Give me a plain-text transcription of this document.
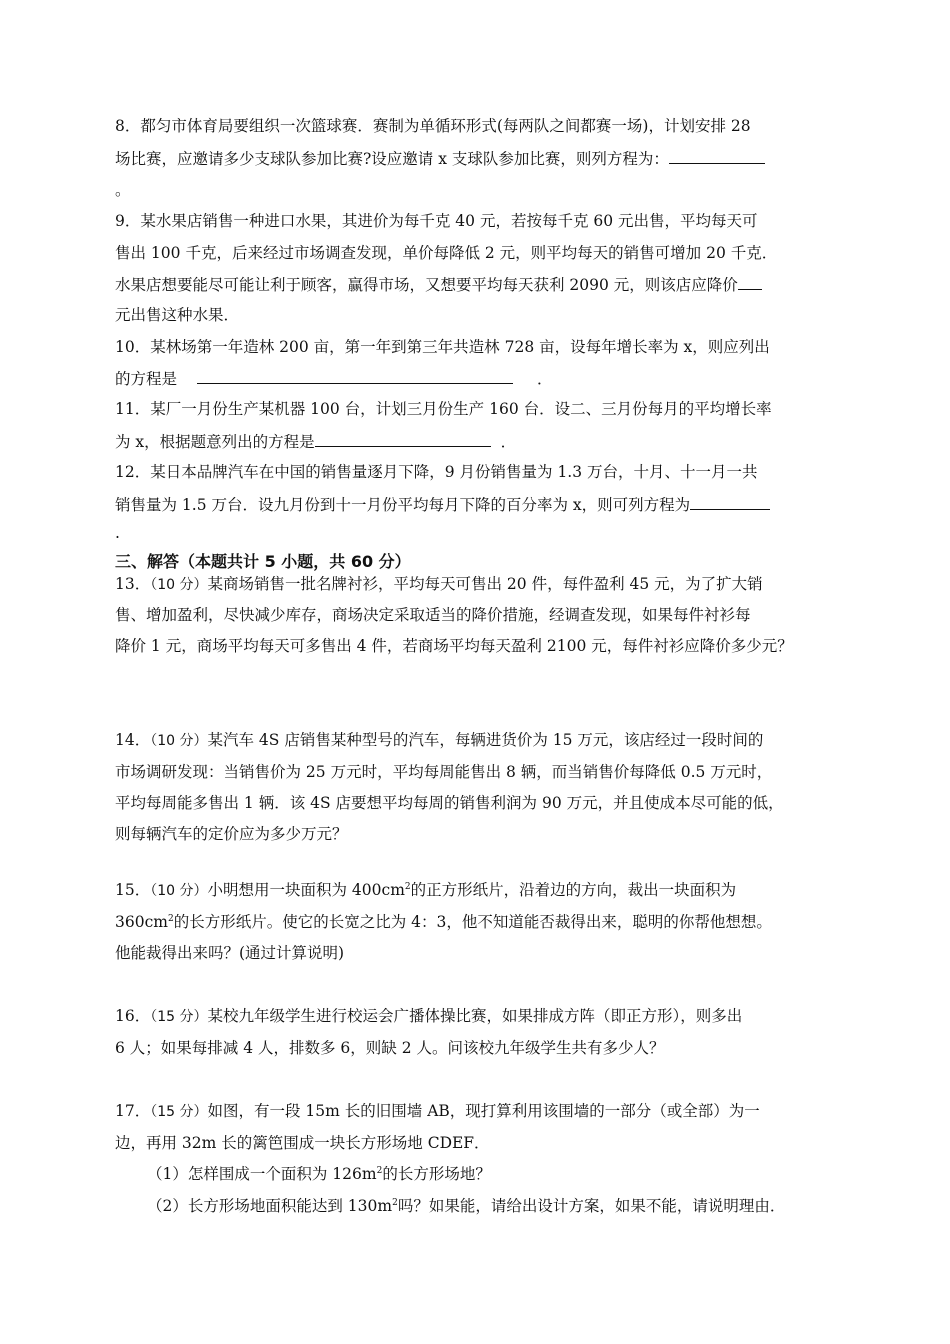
8．都匀市体育局要组织一次篮球赛．赛制为单循环形式(每两队之间都赛一场)，计划安排 28
场比赛，应邀请多少支球队参加比赛?设应邀请 x 支球队参加比赛，则列方程为：
。
9．某水果店销售一种进口水果，其进价为每千克 40 元，若按每千克 60 元出售，平均每天可
售出 100 千克，后来经过市场调查发现，单价每降低 2 元，则平均每天的销售可增加 20 千克．
水果店想要能尽可能让利于顾客，赢得市场，又想要平均每天获利 2090 元，则该店应降价
元出售这种水果．
10．某林场第一年造林 200 亩，第一年到第三年共造林 728 亩，设每年增长率为 x，则应列出
的方程是	．
11．某厂一月份生产某机器 100 台，计划三月份生产 160 台．设二、三月份每月的平均增长率
为 x，根据题意列出的方程是	．
12．某日本品牌汽车在中国的销售量逐月下降，9 月份销售量为 1.3 万台，十月、十一月一共
销售量为 1.5 万台．设九月份到十一月份平均每月下降的百分率为 x，则可列方程为
.
三、解答（本题共计 5 小题，共 60 分）
13．（10 分）某商场销售一批名牌衬衫，平均每天可售出 20 件，每件盈利 45 元，为了扩大销
售、增加盈利，尽快减少库存，商场决定采取适当的降价措施，经调查发现，如果每件衬衫每
降价 1 元，商场平均每天可多售出 4 件，若商场平均每天盈利 2100 元，每件衬衫应降价多少元？
14．（10 分）某汽车 4S 店销售某种型号的汽车，每辆进货价为 15 万元，该店经过一段时间的
市场调研发现：当销售价为 25 万元时，平均每周能售出 8 辆，而当销售价每降低 0.5 万元时，
平均每周能多售出 1 辆．该 4S 店要想平均每周的销售利润为 90 万元，并且使成本尽可能的低，
则每辆汽车的定价应为多少万元？
15．（10 分）小明想用一块面积为 $400cm^2$的正方形纸片，沿着边的方向，裁出一块面积为
$360cm^2$的长方形纸片。使它的长宽之比为 4：3，他不知道能否裁得出来，聪明的你帮他想想。
他能裁得出来吗？(通过计算说明)
16．（15 分）某校九年级学生进行校运会广播体操比赛，如果排成方阵（即正方形），则多出
6 人；如果每排减 4 人，排数多 6，则缺 2 人。问该校九年级学生共有多少人？
17．（15 分）如图，有一段 15m 长的旧围墙 AB，现打算利用该围墙的一部分（或全部）为一
边，再用 32m 长的篱笆围成一块长方形场地 CDEF．
（1）怎样围成一个面积为 $126m^2$的长方形场地？
（2）长方形场地面积能达到 $130m^2$吗？如果能，请给出设计方案，如果不能，请说明理由．
